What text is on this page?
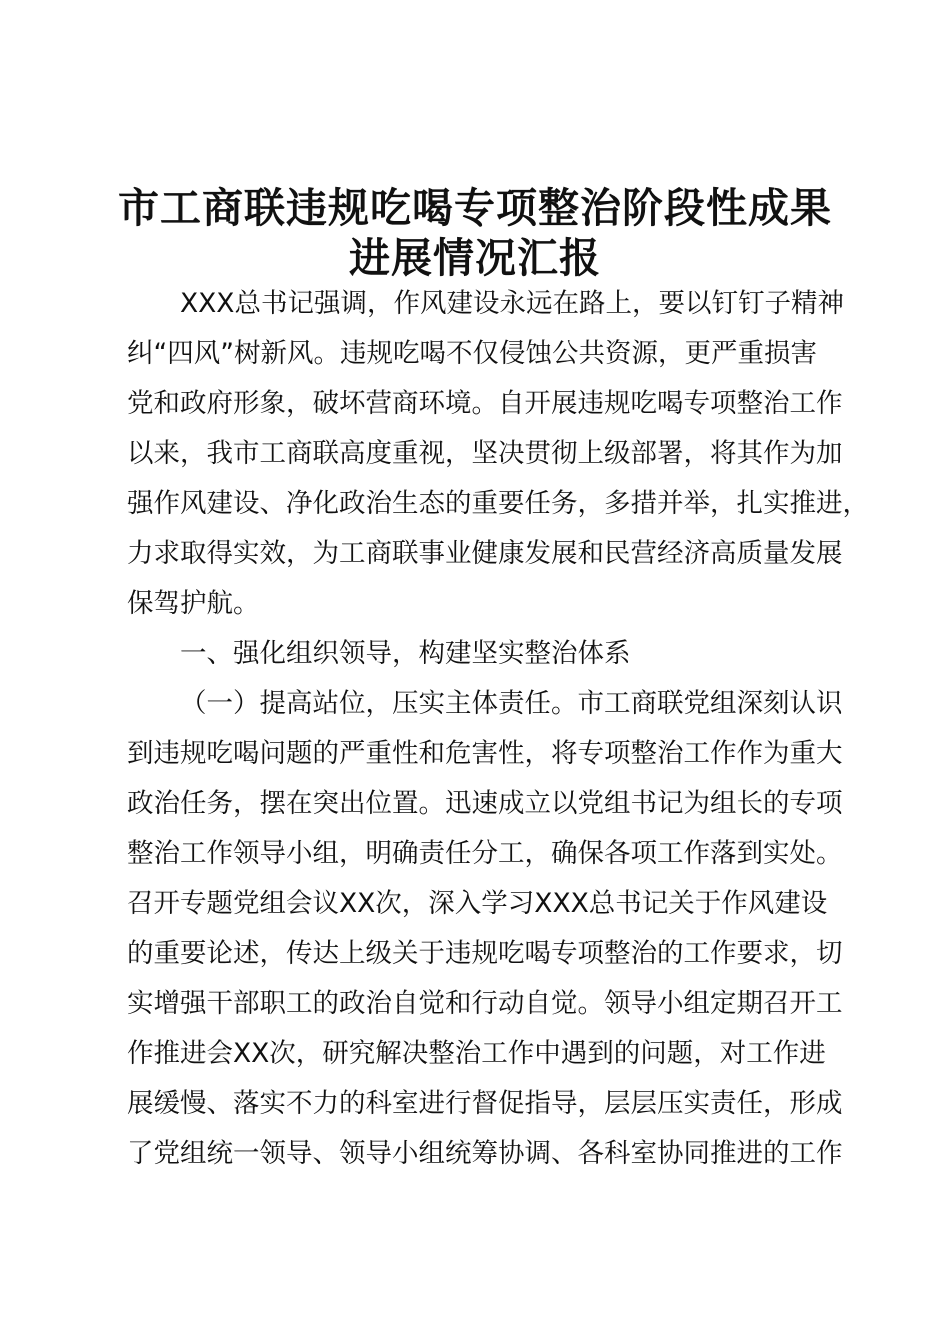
市工商联违规吃喝专项整治阶段性成果
进展情况汇报

XXX总书记强调，作风建设永远在路上，要以钉钉子精神

纠“四风”树新风。违规吃喝不仅侵蚀公共资源，更严重损害

党和政府形象，破坏营商环境。自开展违规吃喝专项整治工作

以来，我市工商联高度重视，坚决贯彻上级部署，将其作为加

强作风建设、净化政治生态的重要任务，多措并举，扎实推进，

力求取得实效，为工商联事业健康发展和民营经济高质量发展

保驾护航。

一、强化组织领导，构建坚实整治体系

（一）提高站位，压实主体责任。市工商联党组深刻认识

到违规吃喝问题的严重性和危害性，将专项整治工作作为重大

政治任务，摆在突出位置。迅速成立以党组书记为组长的专项

整治工作领导小组，明确责任分工，确保各项工作落到实处。

召开专题党组会议XX次，深入学习XXX总书记关于作风建设

的重要论述，传达上级关于违规吃喝专项整治的工作要求，切

实增强干部职工的政治自觉和行动自觉。领导小组定期召开工

作推进会XX次，研究解决整治工作中遇到的问题，对工作进

展缓慢、落实不力的科室进行督促指导，层层压实责任，形成

了党组统一领导、领导小组统筹协调、各科室协同推进的工作
